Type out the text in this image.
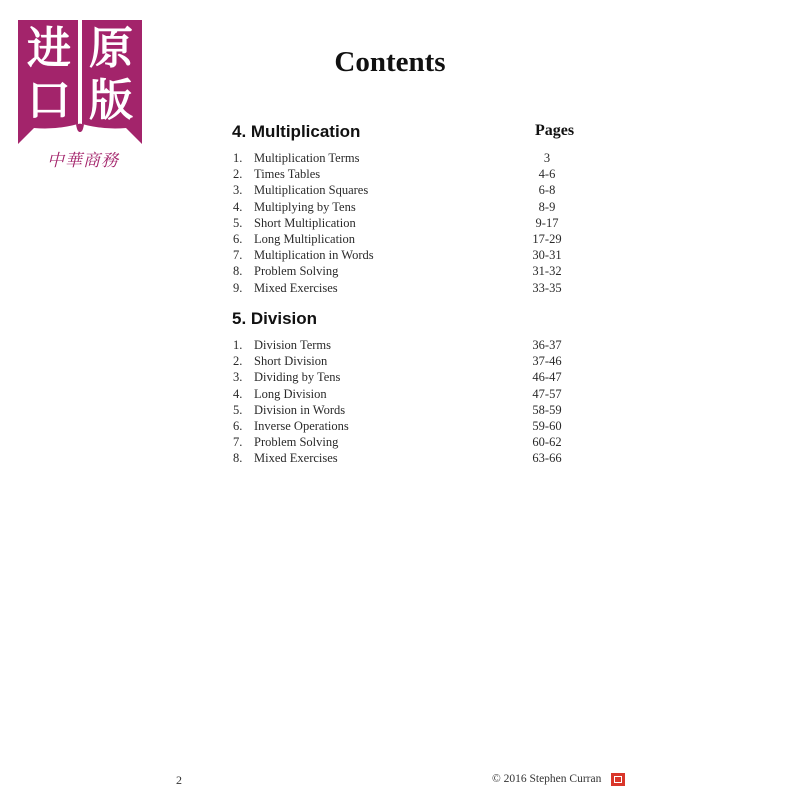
进 原
口 版
中華商務
Contents
4. Multiplication	Pages
1. Multiplication Terms	3
2. Times Tables	4-6
3. Multiplication Squares	6-8
4. Multiplying by Tens	8-9
5. Short Multiplication	9-17
6. Long Multiplication	17-29
7. Multiplication in Words	30-31
8. Problem Solving	31-32
9. Mixed Exercises	33-35
5. Division
1. Division Terms	36-37
2. Short Division	37-46
3. Dividing by Tens	46-47
4. Long Division	47-57
5. Division in Words	58-59
6. Inverse Operations	59-60
7. Problem Solving	60-62
8. Mixed Exercises	63-66
2	© 2016 Stephen Curran
